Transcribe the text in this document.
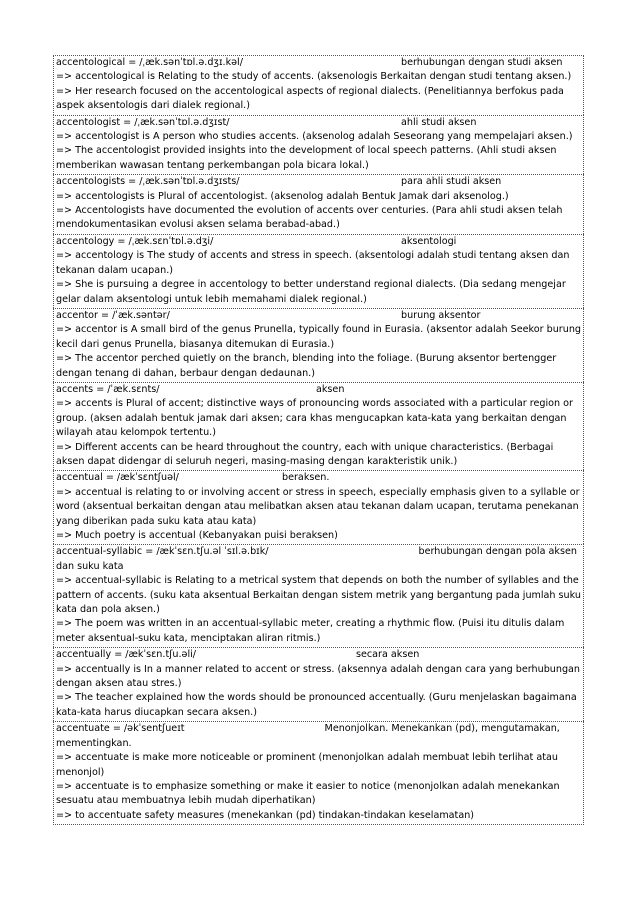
accentological = /ˌæk.sənˈtɒl.ə.dʒɪ.kəl/	berhubungan dengan studi aksen
=> accentological is Relating to the study of accents. (aksenologis Berkaitan dengan studi tentang aksen.)
=> Her research focused on the accentological aspects of regional dialects. (Penelitiannya berfokus pada aspek aksentologis dari dialek regional.)
accentologist = /ˌæk.sənˈtɒl.ə.dʒɪst/	ahli studi aksen
=> accentologist is A person who studies accents. (aksenolog adalah Seseorang yang mempelajari aksen.)
=> The accentologist provided insights into the development of local speech patterns. (Ahli studi aksen memberikan wawasan tentang perkembangan pola bicara lokal.)
accentologists = /ˌæk.sənˈtɒl.ə.dʒɪsts/	para ahli studi aksen
=> accentologists is Plural of accentologist. (aksenolog adalah Bentuk Jamak dari aksenolog.)
=> Accentologists have documented the evolution of accents over centuries. (Para ahli studi aksen telah mendokumentasikan evolusi aksen selama berabad-abad.)
accentology = /ˌæk.sɛnˈtɒl.ə.dʒi/	aksentologi
=> accentology is The study of accents and stress in speech. (aksentologi adalah studi tentang aksen dan tekanan dalam ucapan.)
=> She is pursuing a degree in accentology to better understand regional dialects. (Dia sedang mengejar gelar dalam aksentologi untuk lebih memahami dialek regional.)
accentor = /ˈæk.səntər/	burung aksentor
=> accentor is A small bird of the genus Prunella, typically found in Eurasia. (aksentor adalah Seekor burung kecil dari genus Prunella, biasanya ditemukan di Eurasia.)
=> The accentor perched quietly on the branch, blending into the foliage. (Burung aksentor bertengger dengan tenang di dahan, berbaur dengan dedaunan.)
accents = /ˈæk.sɛnts/	aksen
=> accents is Plural of accent; distinctive ways of pronouncing words associated with a particular region or group. (aksen adalah bentuk jamak dari aksen; cara khas mengucapkan kata-kata yang berkaitan dengan wilayah atau kelompok tertentu.)
=> Different accents can be heard throughout the country, each with unique characteristics. (Berbagai aksen dapat didengar di seluruh negeri, masing-masing dengan karakteristik unik.)
accentual = /ækˈsɛntʃuəl/	beraksen.
=> accentual is relating to or involving accent or stress in speech, especially emphasis given to a syllable or word (aksentual berkaitan dengan atau melibatkan aksen atau tekanan dalam ucapan, terutama penekanan yang diberikan pada suku kata atau kata)
=> Much poetry is accentual (Kebanyakan puisi beraksen)
accentual-syllabic = /ækˈsɛn.tʃu.əl ˈsɪl.ə.bɪk/	berhubungan dengan pola aksen dan suku kata
=> accentual-syllabic is Relating to a metrical system that depends on both the number of syllables and the pattern of accents. (suku kata aksentual Berkaitan dengan sistem metrik yang bergantung pada jumlah suku kata dan pola aksen.)
=> The poem was written in an accentual-syllabic meter, creating a rhythmic flow. (Puisi itu ditulis dalam meter aksentual-suku kata, menciptakan aliran ritmis.)
accentually = /ækˈsɛn.tʃu.əli/	secara aksen
=> accentually is In a manner related to accent or stress. (aksennya adalah dengan cara yang berhubungan dengan aksen atau stres.)
=> The teacher explained how the words should be pronounced accentually. (Guru menjelaskan bagaimana kata-kata harus diucapkan secara aksen.)
accentuate = /əkˈsentʃueɪt	Menonjolkan. Menekankan (pd), mengutamakan, mementingkan.
=> accentuate is make more noticeable or prominent (menonjolkan adalah membuat lebih terlihat atau menonjol)
=> accentuate is to emphasize something or make it easier to notice (menonjolkan adalah menekankan sesuatu atau membuatnya lebih mudah diperhatikan)
=> to accentuate safety measures (menekankan (pd) tindakan-tindakan keselamatan)
